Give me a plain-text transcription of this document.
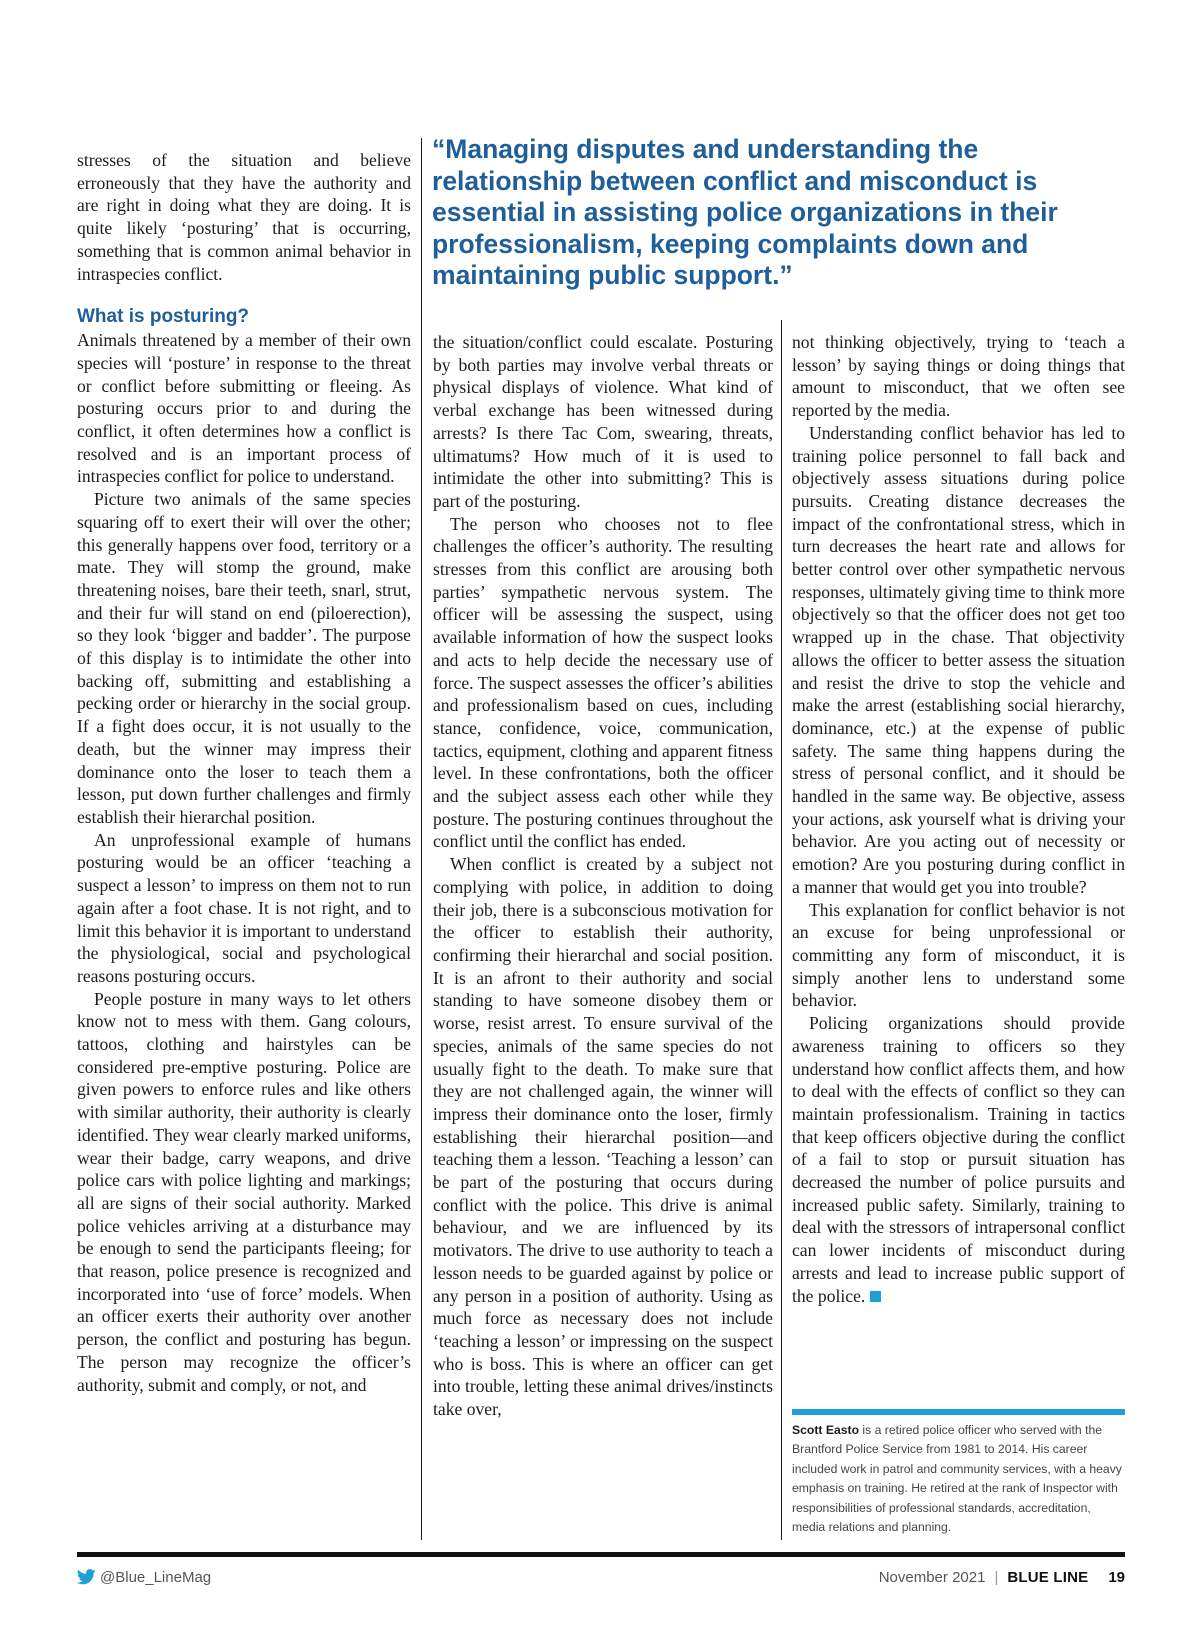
stresses of the situation and believe erroneously that they have the authority and are right in doing what they are doing. It is quite likely ‘posturing’ that is occurring, something that is common animal behavior in intraspecies conflict.

What is posturing?

Animals threatened by a member of their own species will ‘posture’ in response to the threat or conflict before submitting or fleeing. As posturing occurs prior to and during the conflict, it often determines how a conflict is resolved and is an important process of intraspecies conflict for police to understand.

Picture two animals of the same species squaring off to exert their will over the other; this generally happens over food, territory or a mate. They will stomp the ground, make threatening noises, bare their teeth, snarl, strut, and their fur will stand on end (piloerection), so they look ‘bigger and badder’. The purpose of this display is to intimidate the other into backing off, submitting and establishing a pecking order or hierarchy in the social group. If a fight does occur, it is not usually to the death, but the winner may impress their dominance onto the loser to teach them a lesson, put down further challenges and firmly establish their hierarchal position.

An unprofessional example of humans posturing would be an officer ‘teaching a suspect a lesson’ to impress on them not to run again after a foot chase. It is not right, and to limit this behavior it is important to understand the physiological, social and psychological reasons posturing occurs.

People posture in many ways to let others know not to mess with them. Gang colours, tattoos, clothing and hairstyles can be considered pre-emptive posturing. Police are given powers to enforce rules and like others with similar authority, their authority is clearly identified. They wear clearly marked uniforms, wear their badge, carry weapons, and drive police cars with police lighting and markings; all are signs of their social authority. Marked police vehicles arriving at a disturbance may be enough to send the participants fleeing; for that reason, police presence is recognized and incorporated into ‘use of force’ models. When an officer exerts their authority over another person, the conflict and posturing has begun. The person may recognize the officer’s authority, submit and comply, or not, and

“Managing disputes and understanding the relationship between conflict and misconduct is essential in assisting police organizations in their professionalism, keeping complaints down and maintaining public support.”

the situation/conflict could escalate. Posturing by both parties may involve verbal threats or physical displays of violence. What kind of verbal exchange has been witnessed during arrests? Is there Tac Com, swearing, threats, ultimatums? How much of it is used to intimidate the other into submitting? This is part of the posturing.

The person who chooses not to flee challenges the officer’s authority. The resulting stresses from this conflict are arousing both parties’ sympathetic nervous system. The officer will be assessing the suspect, using available information of how the suspect looks and acts to help decide the necessary use of force. The suspect assesses the officer’s abilities and professionalism based on cues, including stance, confidence, voice, communication, tactics, equipment, clothing and apparent fitness level. In these confrontations, both the officer and the subject assess each other while they posture. The posturing continues throughout the conflict until the conflict has ended.

When conflict is created by a subject not complying with police, in addition to doing their job, there is a subconscious motivation for the officer to establish their authority, confirming their hierarchal and social position. It is an afront to their authority and social standing to have someone disobey them or worse, resist arrest. To ensure survival of the species, animals of the same species do not usually fight to the death. To make sure that they are not challenged again, the winner will impress their dominance onto the loser, firmly establishing their hierarchal position—and teaching them a lesson. ‘Teaching a lesson’ can be part of the posturing that occurs during conflict with the police. This drive is animal behaviour, and we are influenced by its motivators. The drive to use authority to teach a lesson needs to be guarded against by police or any person in a position of authority. Using as much force as necessary does not include ‘teaching a lesson’ or impressing on the suspect who is boss. This is where an officer can get into trouble, letting these animal drives/instincts take over,

not thinking objectively, trying to ‘teach a lesson’ by saying things or doing things that amount to misconduct, that we often see reported by the media.

Understanding conflict behavior has led to training police personnel to fall back and objectively assess situations during police pursuits. Creating distance decreases the impact of the confrontational stress, which in turn decreases the heart rate and allows for better control over other sympathetic nervous responses, ultimately giving time to think more objectively so that the officer does not get too wrapped up in the chase. That objectivity allows the officer to better assess the situation and resist the drive to stop the vehicle and make the arrest (establishing social hierarchy, dominance, etc.) at the expense of public safety. The same thing happens during the stress of personal conflict, and it should be handled in the same way. Be objective, assess your actions, ask yourself what is driving your behavior. Are you acting out of necessity or emotion? Are you posturing during conflict in a manner that would get you into trouble?

This explanation for conflict behavior is not an excuse for being unprofessional or committing any form of misconduct, it is simply another lens to understand some behavior.

Policing organizations should provide awareness training to officers so they understand how conflict affects them, and how to deal with the effects of conflict so they can maintain professionalism. Training in tactics that keep officers objective during the conflict of a fail to stop or pursuit situation has decreased the number of police pursuits and increased public safety. Similarly, training to deal with the stressors of intrapersonal conflict can lower incidents of misconduct during arrests and lead to increase public support of the police.

Scott Easto is a retired police officer who served with the Brantford Police Service from 1981 to 2014. His career included work in patrol and community services, with a heavy emphasis on training. He retired at the rank of Inspector with responsibilities of professional standards, accreditation, media relations and planning.
@Blue_LineMag	November 2021 | BLUE LINE 19
